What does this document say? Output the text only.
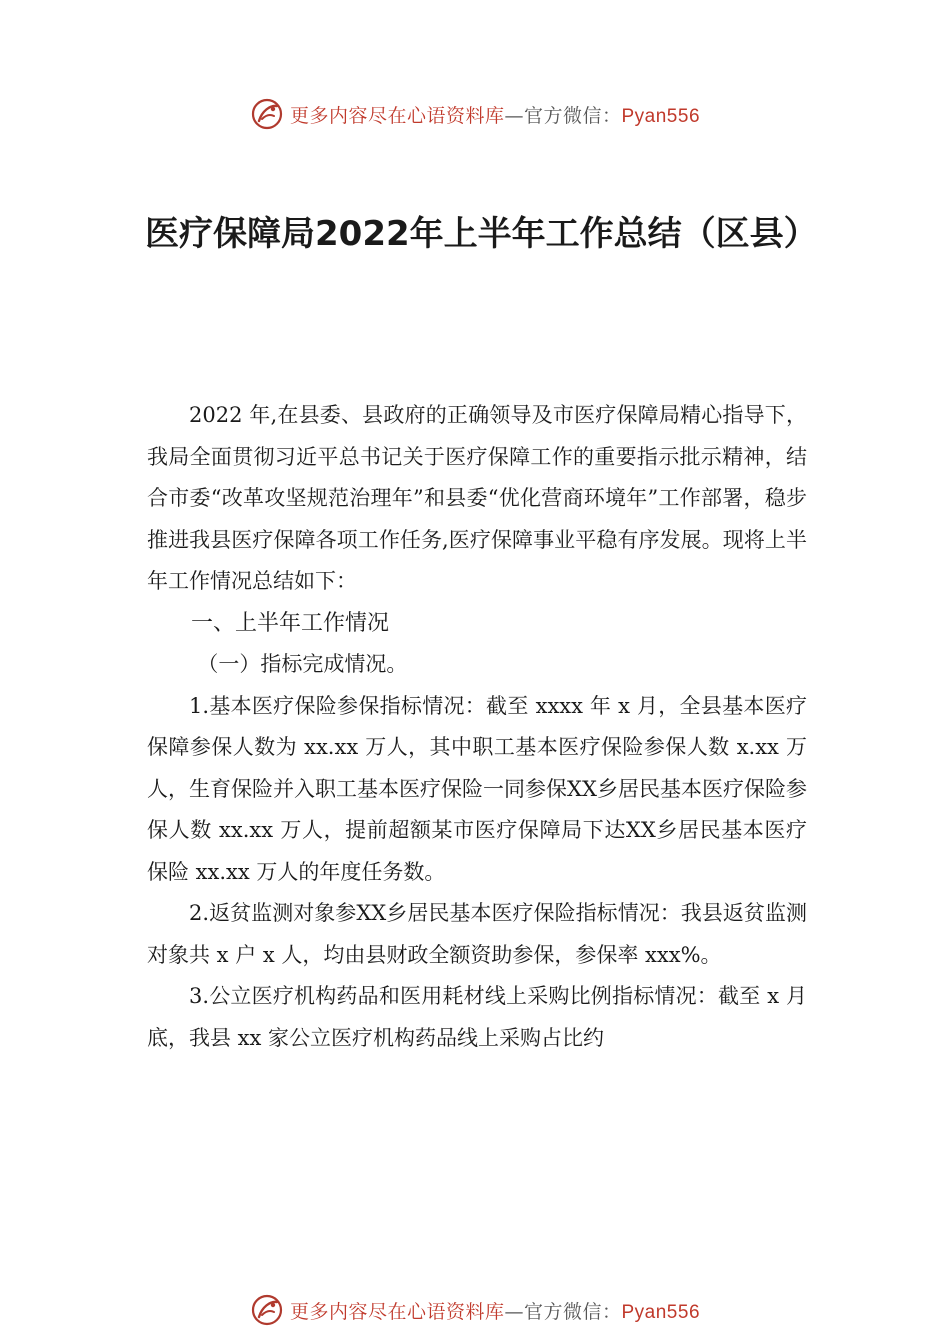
更多内容尽在心语资料库—官方微信：Pyan556
医疗保障局2022年上半年工作总结（区县）

2022 年,在县委、县政府的正确领导及市医疗保障局精心指导下，我局全面贯彻习近平总书记关于医疗保障工作的重要指示批示精神，结合市委“改革攻坚规范治理年”和县委“优化营商环境年”工作部署，稳步推进我县医疗保障各项工作任务,医疗保障事业平稳有序发展。现将上半年工作情况总结如下：

一、上半年工作情况

（一）指标完成情况。

1.基本医疗保险参保指标情况：截至 xxxx 年 x 月，全县基本医疗保障参保人数为 xx.xx 万人，其中职工基本医疗保险参保人数 x.xx 万人，生育保险并入职工基本医疗保险一同参保XX乡居民基本医疗保险参保人数 xx.xx 万人，提前超额某市医疗保障局下达XX乡居民基本医疗保险 xx.xx 万人的年度任务数。

2.返贫监测对象参XX乡居民基本医疗保险指标情况：我县返贫监测对象共 x 户 x 人，均由县财政全额资助参保，参保率 xxx%。

3.公立医疗机构药品和医用耗材线上采购比例指标情况：截至 x 月底，我县 xx 家公立医疗机构药品线上采购占比约

更多内容尽在心语资料库—官方微信：Pyan556
